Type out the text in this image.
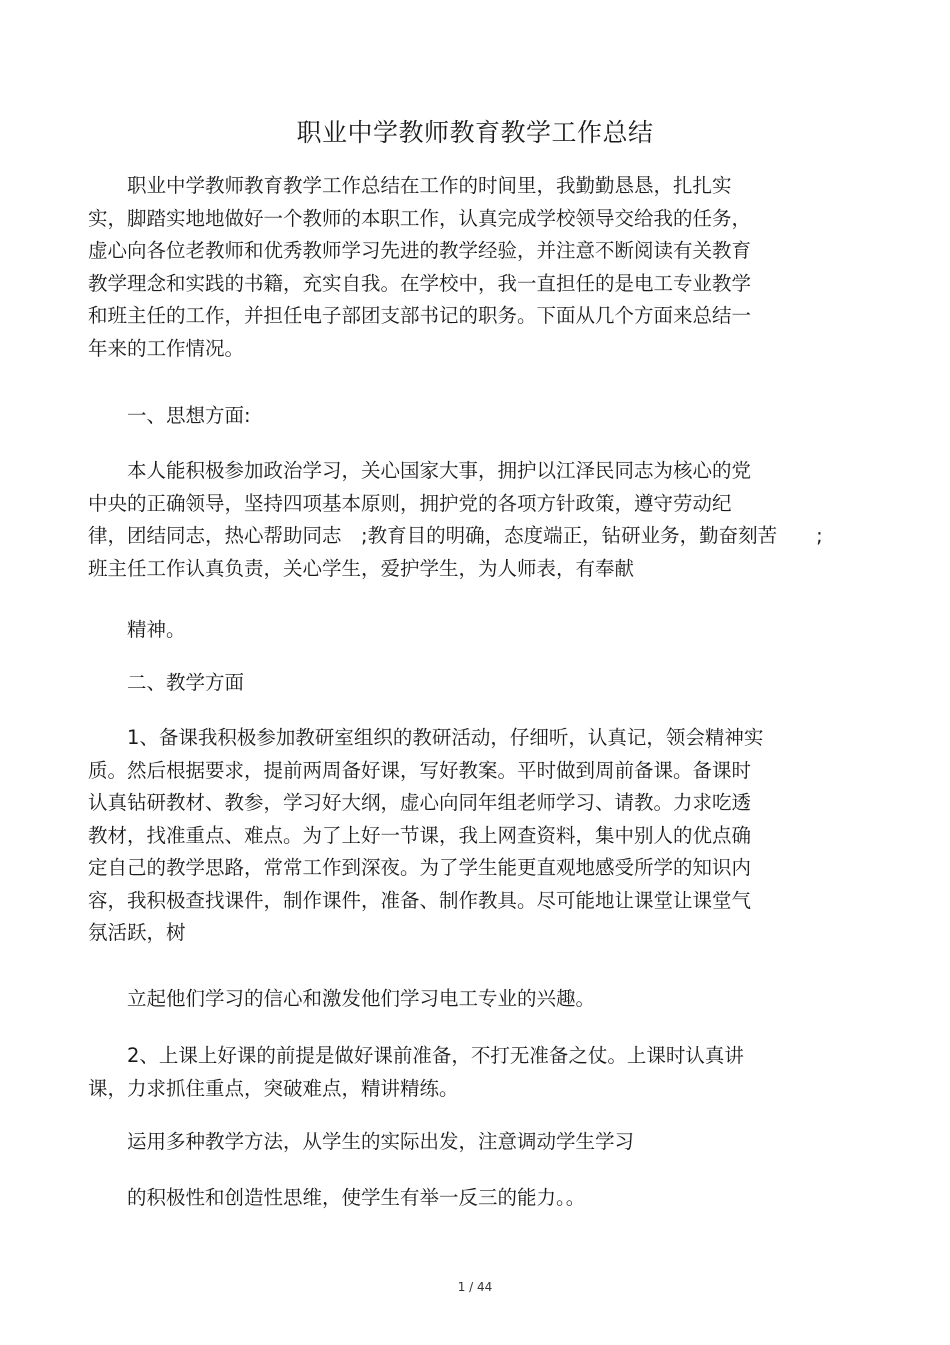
职业中学教师教育教学工作总结
　　职业中学教师教育教学工作总结在工作的时间里，我勤勤恳恳，扎扎实
实，脚踏实地地做好一个教师的本职工作，认真完成学校领导交给我的任务，
虚心向各位老教师和优秀教师学习先进的教学经验，并注意不断阅读有关教育
教学理念和实践的书籍，充实自我。在学校中，我一直担任的是电工专业教学
和班主任的工作，并担任电子部团支部书记的职务。下面从几个方面来总结一
年来的工作情况。
　　一、思想方面:
　　本人能积极参加政治学习，关心国家大事，拥护以江泽民同志为核心的党
中央的正确领导，坚持四项基本原则，拥护党的各项方针政策，遵守劳动纪
律，团结同志，热心帮助同志　;教育目的明确，态度端正，钻研业务，勤奋刻苦　　;
班主任工作认真负责，关心学生，爱护学生，为人师表，有奉献
　　精神。
　　二、教学方面
　　1、备课我积极参加教研室组织的教研活动，仔细听，认真记，领会精神实
质。然后根据要求，提前两周备好课，写好教案。平时做到周前备课。备课时
认真钻研教材、教参，学习好大纲，虚心向同年组老师学习、请教。力求吃透
教材，找准重点、难点。为了上好一节课，我上网查资料，集中别人的优点确
定自己的教学思路，常常工作到深夜。为了学生能更直观地感受所学的知识内
容，我积极查找课件，制作课件，准备、制作教具。尽可能地让课堂让课堂气
氛活跃，树
　　立起他们学习的信心和激发他们学习电工专业的兴趣。
　　2、上课上好课的前提是做好课前准备，不打无准备之仗。上课时认真讲
课，力求抓住重点，突破难点，精讲精练。
　　运用多种教学方法，从学生的实际出发，注意调动学生学习
　　的积极性和创造性思维，使学生有举一反三的能力。。
1 / 44
